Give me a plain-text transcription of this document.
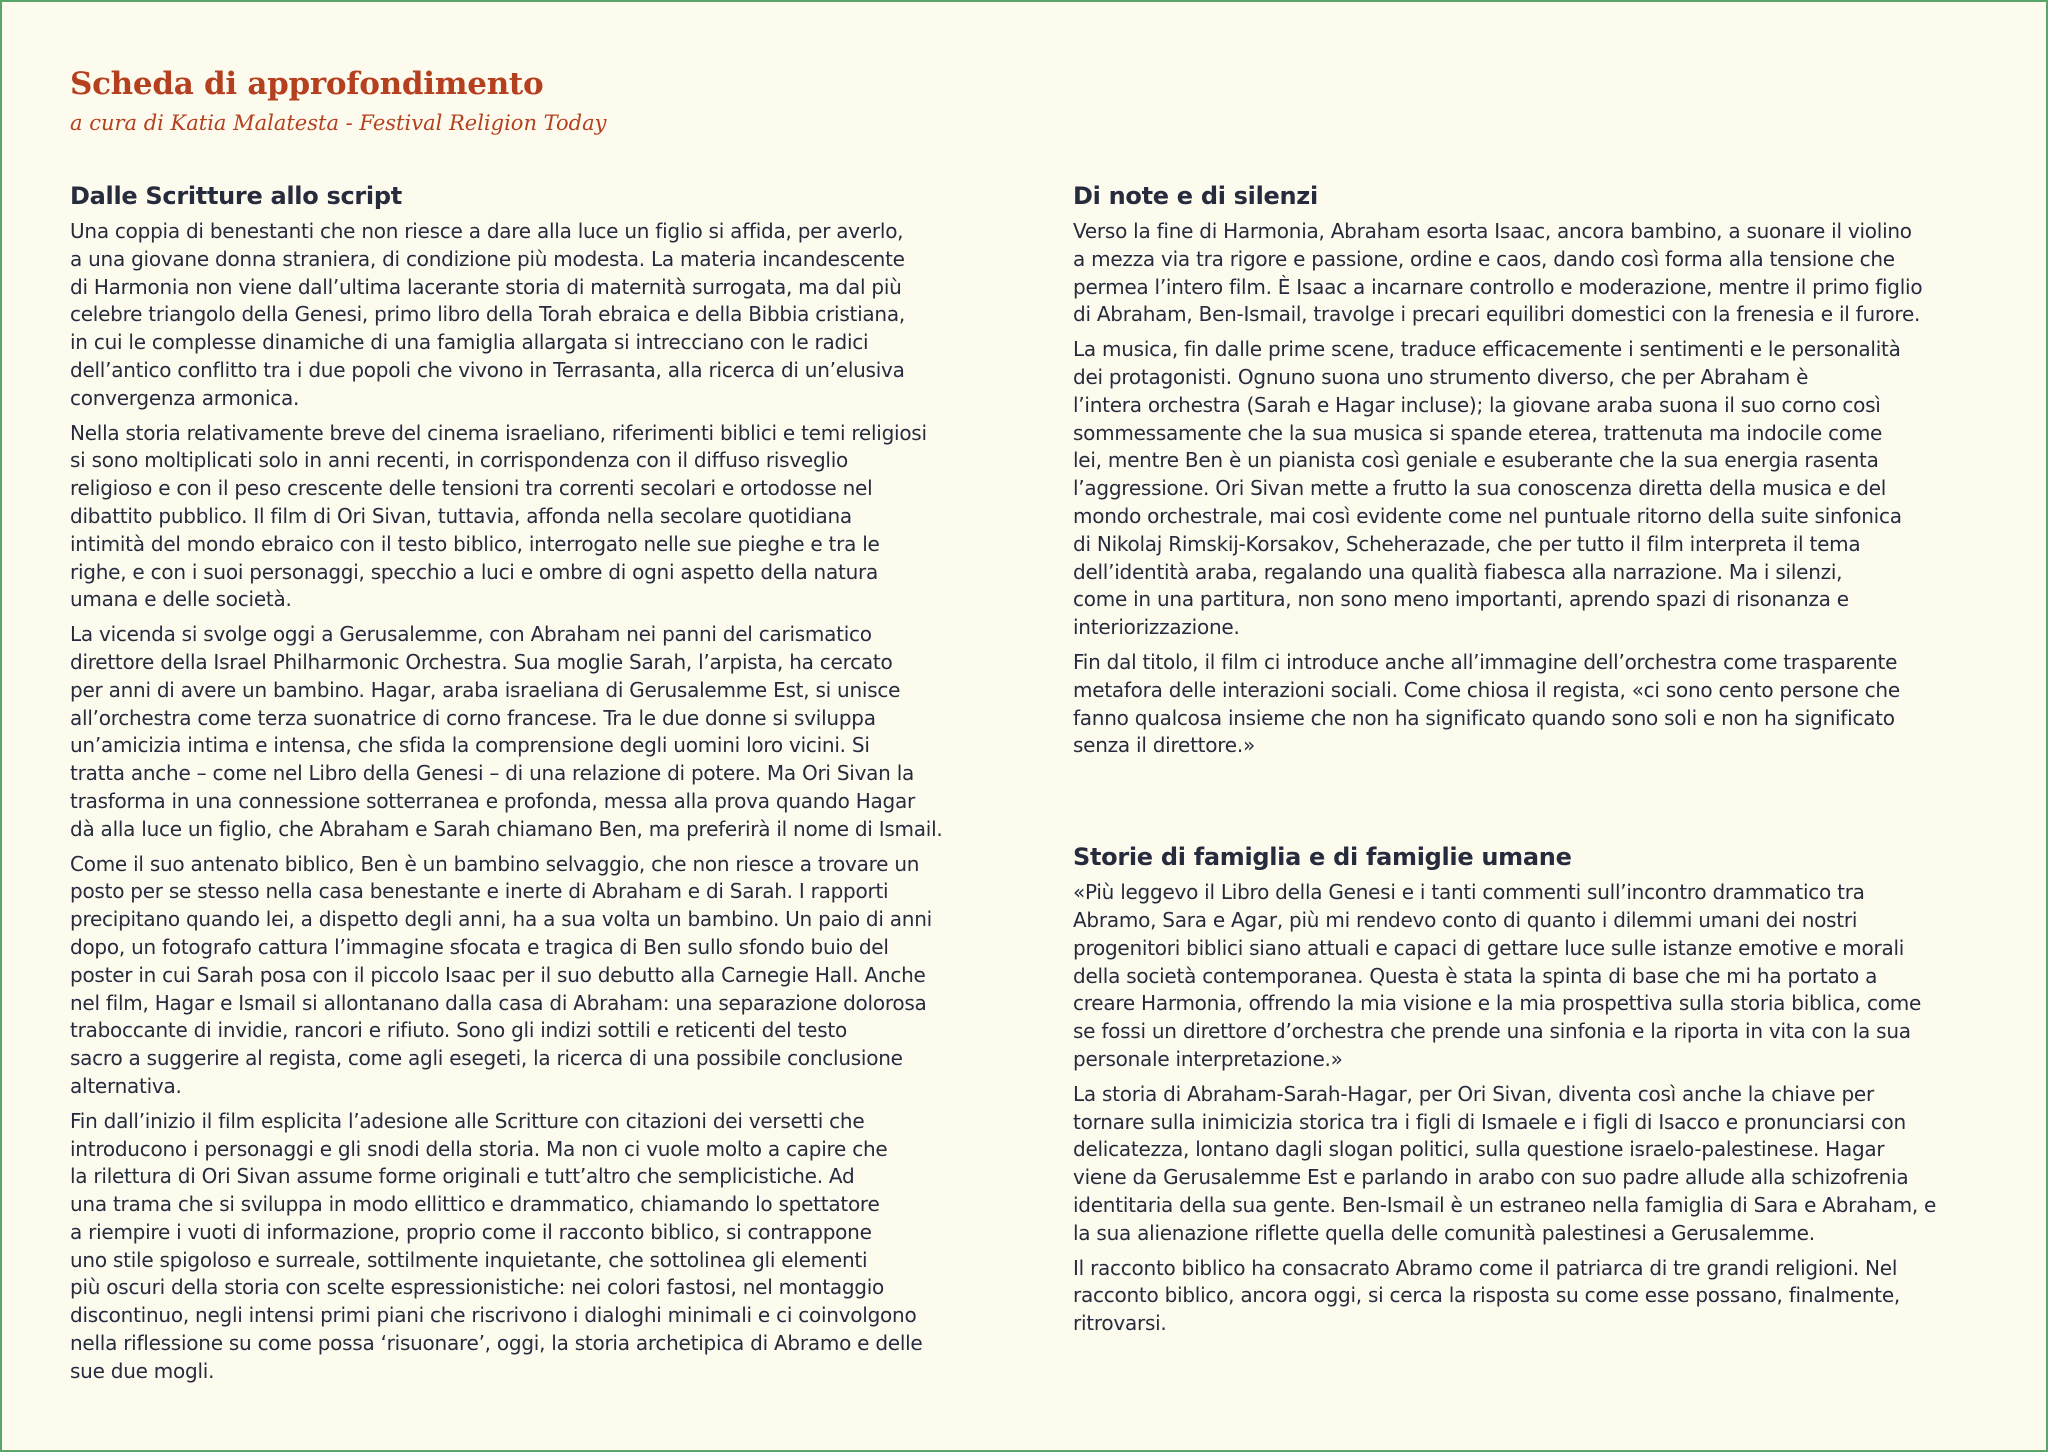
Scheda di approfondimento
a cura di Katia Malatesta - Festival Religion Today
Dalle Scritture allo script

Una coppia di benestanti che non riesce a dare alla luce un figlio si affida, per averlo,
a una giovane donna straniera, di condizione più modesta. La materia incandescente
di Harmonia non viene dall’ultima lacerante storia di maternità surrogata, ma dal più
celebre triangolo della Genesi, primo libro della Torah ebraica e della Bibbia cristiana,
in cui le complesse dinamiche di una famiglia allargata si intrecciano con le radici
dell’antico conflitto tra i due popoli che vivono in Terrasanta, alla ricerca di un’elusiva
convergenza armonica.

Nella storia relativamente breve del cinema israeliano, riferimenti biblici e temi religiosi
si sono moltiplicati solo in anni recenti, in corrispondenza con il diffuso risveglio
religioso e con il peso crescente delle tensioni tra correnti secolari e ortodosse nel
dibattito pubblico. Il film di Ori Sivan, tuttavia, affonda nella secolare quotidiana
intimità del mondo ebraico con il testo biblico, interrogato nelle sue pieghe e tra le
righe, e con i suoi personaggi, specchio a luci e ombre di ogni aspetto della natura
umana e delle società.

La vicenda si svolge oggi a Gerusalemme, con Abraham nei panni del carismatico
direttore della Israel Philharmonic Orchestra. Sua moglie Sarah, l’arpista, ha cercato
per anni di avere un bambino. Hagar, araba israeliana di Gerusalemme Est, si unisce
all’orchestra come terza suonatrice di corno francese. Tra le due donne si sviluppa
un’amicizia intima e intensa, che sfida la comprensione degli uomini loro vicini. Si
tratta anche – come nel Libro della Genesi – di una relazione di potere. Ma Ori Sivan la
trasforma in una connessione sotterranea e profonda, messa alla prova quando Hagar
dà alla luce un figlio, che Abraham e Sarah chiamano Ben, ma preferirà il nome di Ismail.

Come il suo antenato biblico, Ben è un bambino selvaggio, che non riesce a trovare un
posto per se stesso nella casa benestante e inerte di Abraham e di Sarah. I rapporti
precipitano quando lei, a dispetto degli anni, ha a sua volta un bambino. Un paio di anni
dopo, un fotografo cattura l’immagine sfocata e tragica di Ben sullo sfondo buio del
poster in cui Sarah posa con il piccolo Isaac per il suo debutto alla Carnegie Hall. Anche
nel film, Hagar e Ismail si allontanano dalla casa di Abraham: una separazione dolorosa
traboccante di invidie, rancori e rifiuto. Sono gli indizi sottili e reticenti del testo
sacro a suggerire al regista, come agli esegeti, la ricerca di una possibile conclusione
alternativa.

Fin dall’inizio il film esplicita l’adesione alle Scritture con citazioni dei versetti che
introducono i personaggi e gli snodi della storia. Ma non ci vuole molto a capire che
la rilettura di Ori Sivan assume forme originali e tutt’altro che semplicistiche. Ad
una trama che si sviluppa in modo ellittico e drammatico, chiamando lo spettatore
a riempire i vuoti di informazione, proprio come il racconto biblico, si contrappone
uno stile spigoloso e surreale, sottilmente inquietante, che sottolinea gli elementi
più oscuri della storia con scelte espressionistiche: nei colori fastosi, nel montaggio
discontinuo, negli intensi primi piani che riscrivono i dialoghi minimali e ci coinvolgono
nella riflessione su come possa ‘risuonare’, oggi, la storia archetipica di Abramo e delle
sue due mogli.

Di note e di silenzi

Verso la fine di Harmonia, Abraham esorta Isaac, ancora bambino, a suonare il violino
a mezza via tra rigore e passione, ordine e caos, dando così forma alla tensione che
permea l’intero film. È Isaac a incarnare controllo e moderazione, mentre il primo figlio
di Abraham, Ben-Ismail, travolge i precari equilibri domestici con la frenesia e il furore.

La musica, fin dalle prime scene, traduce efficacemente i sentimenti e le personalità
dei protagonisti. Ognuno suona uno strumento diverso, che per Abraham è
l’intera orchestra (Sarah e Hagar incluse); la giovane araba suona il suo corno così
sommessamente che la sua musica si spande eterea, trattenuta ma indocile come
lei, mentre Ben è un pianista così geniale e esuberante che la sua energia rasenta
l’aggressione. Ori Sivan mette a frutto la sua conoscenza diretta della musica e del
mondo orchestrale, mai così evidente come nel puntuale ritorno della suite sinfonica
di Nikolaj Rimskij-Korsakov, Scheherazade, che per tutto il film interpreta il tema
dell’identità araba, regalando una qualità fiabesca alla narrazione. Ma i silenzi,
come in una partitura, non sono meno importanti, aprendo spazi di risonanza e
interiorizzazione.

Fin dal titolo, il film ci introduce anche all’immagine dell’orchestra come trasparente
metafora delle interazioni sociali. Come chiosa il regista, «ci sono cento persone che
fanno qualcosa insieme che non ha significato quando sono soli e non ha significato
senza il direttore.»

Storie di famiglia e di famiglie umane

«Più leggevo il Libro della Genesi e i tanti commenti sull’incontro drammatico tra
Abramo, Sara e Agar, più mi rendevo conto di quanto i dilemmi umani dei nostri
progenitori biblici siano attuali e capaci di gettare luce sulle istanze emotive e morali
della società contemporanea. Questa è stata la spinta di base che mi ha portato a
creare Harmonia, offrendo la mia visione e la mia prospettiva sulla storia biblica, come
se fossi un direttore d’orchestra che prende una sinfonia e la riporta in vita con la sua
personale interpretazione.»

La storia di Abraham-Sarah-Hagar, per Ori Sivan, diventa così anche la chiave per
tornare sulla inimicizia storica tra i figli di Ismaele e i figli di Isacco e pronunciarsi con
delicatezza, lontano dagli slogan politici, sulla questione israelo-palestinese. Hagar
viene da Gerusalemme Est e parlando in arabo con suo padre allude alla schizofrenia
identitaria della sua gente. Ben-Ismail è un estraneo nella famiglia di Sara e Abraham, e
la sua alienazione riflette quella delle comunità palestinesi a Gerusalemme.

Il racconto biblico ha consacrato Abramo come il patriarca di tre grandi religioni. Nel
racconto biblico, ancora oggi, si cerca la risposta su come esse possano, finalmente,
ritrovarsi.
